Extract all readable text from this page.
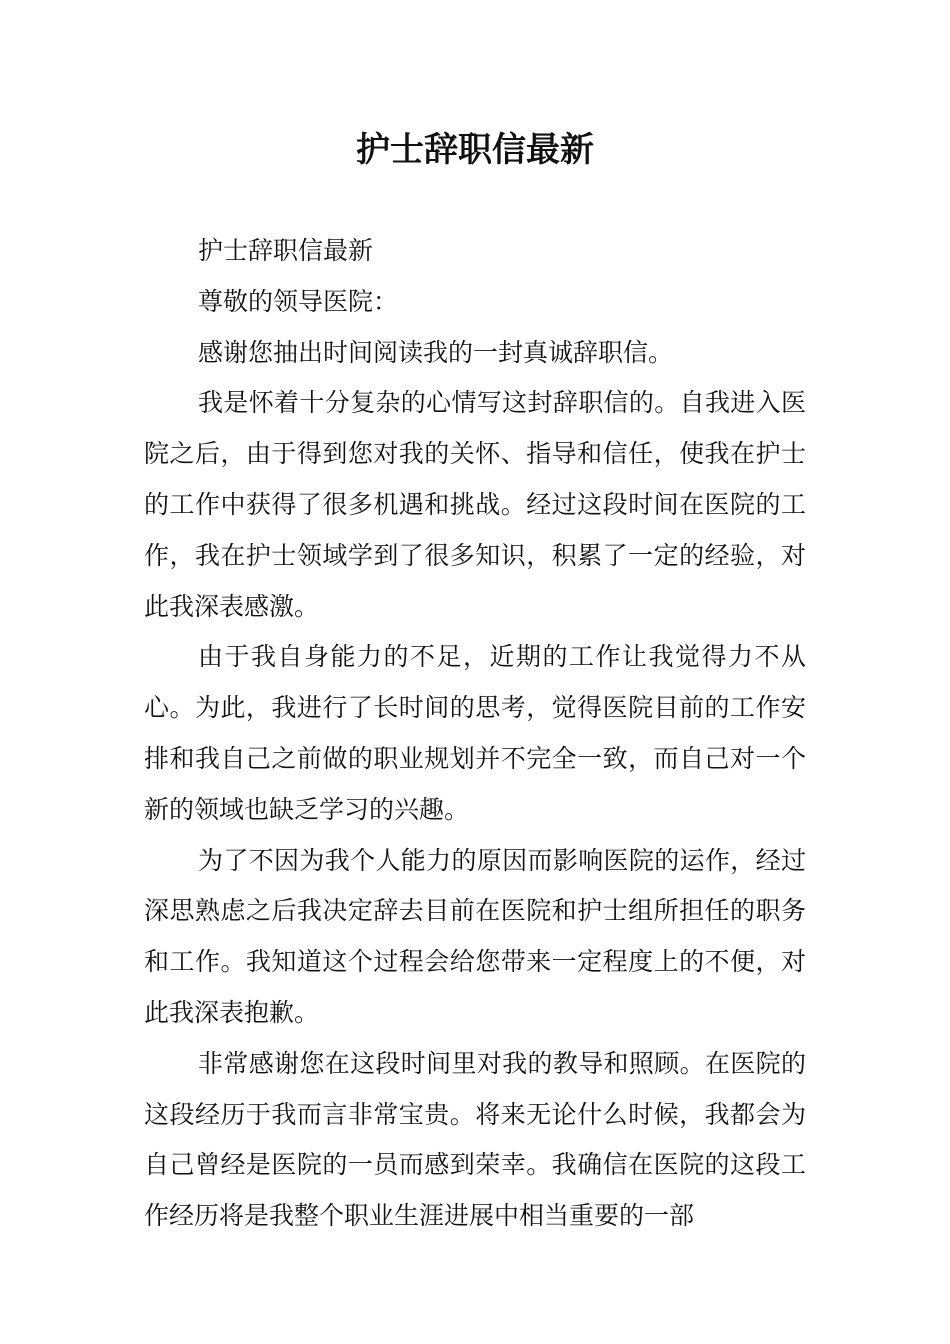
护士辞职信最新

护士辞职信最新

尊敬的领导医院：

感谢您抽出时间阅读我的一封真诚辞职信。

我是怀着十分复杂的心情写这封辞职信的。自我进入医院之后，由于得到您对我的关怀、指导和信任，使我在护士的工作中获得了很多机遇和挑战。经过这段时间在医院的工作，我在护士领域学到了很多知识，积累了一定的经验，对此我深表感激。

由于我自身能力的不足，近期的工作让我觉得力不从心。为此，我进行了长时间的思考，觉得医院目前的工作安排和我自己之前做的职业规划并不完全一致，而自己对一个新的领域也缺乏学习的兴趣。

为了不因为我个人能力的原因而影响医院的运作，经过深思熟虑之后我决定辞去目前在医院和护士组所担任的职务和工作。我知道这个过程会给您带来一定程度上的不便，对此我深表抱歉。

非常感谢您在这段时间里对我的教导和照顾。在医院的这段经历于我而言非常宝贵。将来无论什么时候，我都会为自己曾经是医院的一员而感到荣幸。我确信在医院的这段工作经历将是我整个职业生涯进展中相当重要的一部
